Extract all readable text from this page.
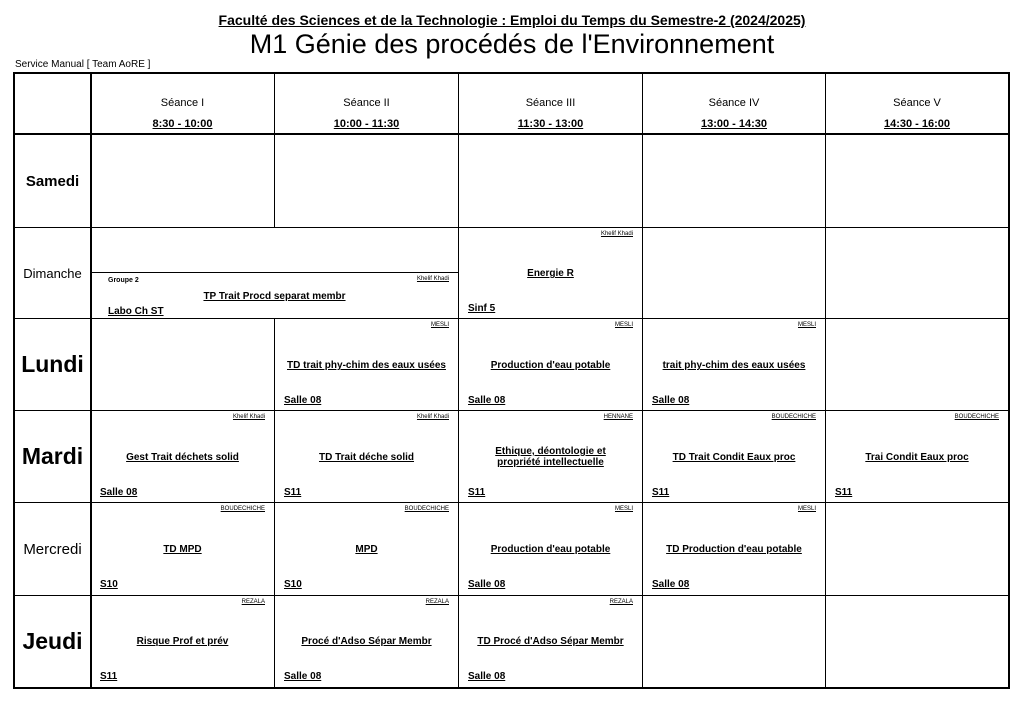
Faculté des Sciences et de la Technologie : Emploi du Temps du Semestre-2 (2024/2025)
M1 Génie des procédés de l'Environnement
Service Manual [ Team AoRE ]
Séance I
8:30 - 10:00
Séance II
10:00 - 11:30
Séance III
11:30 - 13:00
Séance IV
13:00 - 14:30
Séance V
14:30 - 16:00
Samedi
Dimanche
Lundi
Mardi
Mercredi
Jeudi
Groupe 2	Khelif Khadi
TP Trait Procd separat membr
Labo Ch ST
Khelif Khadi
Energie R
Sinf 5
MESLI
TD trait phy-chim des eaux usées
Salle 08
MESLI
Production d'eau potable
Salle 08
MESLI
trait phy-chim des eaux usées
Salle 08
Khelif Khadi
Gest Trait déchets solid
Salle 08
Khelif Khadi
TD Trait déche solid
S11
HENNANE
Ethique, déontologie et propriété intellectuelle
S11
BOUDECHICHE
TD Trait Condit Eaux proc
S11
BOUDECHICHE
Trai Condit Eaux proc
S11
BOUDECHICHE
TD MPD
S10
BOUDECHICHE
MPD
S10
MESLI
Production d'eau potable
Salle 08
MESLI
TD Production d'eau potable
Salle 08
REZALA
Risque Prof et prév
S11
REZALA
Procé d'Adso Sépar Membr
Salle 08
REZALA
TD Procé d'Adso Sépar Membr
Salle 08
